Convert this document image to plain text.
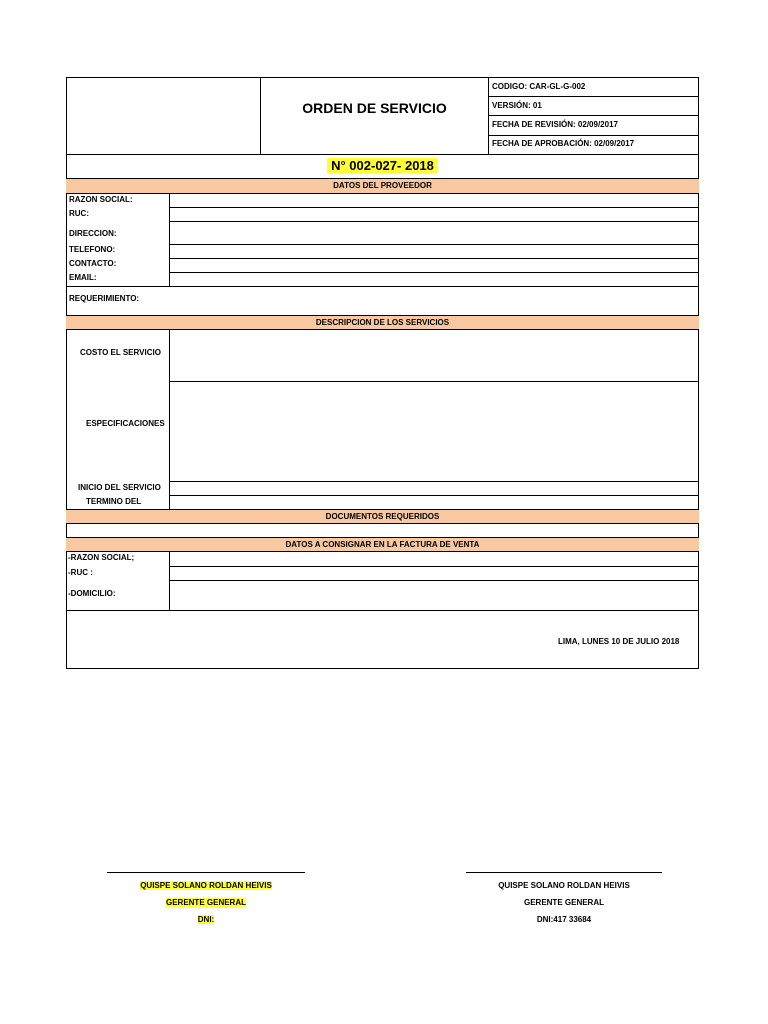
ORDEN DE SERVICIO
CODIGO: CAR-GL-G-002
VERSIÓN: 01
FECHA DE REVISIÓN: 02/09/2017
FECHA DE APROBACIÓN: 02/09/2017
N° 002-027- 2018
DATOS DEL PROVEEDOR
RAZON SOCIAL:
RUC:
DIRECCION:
TELEFONO:
CONTACTO:
EMAIL:
REQUERIMIENTO:
DESCRIPCION DE LOS SERVICIOS
COSTO EL SERVICIO
ESPECIFICACIONES
INICIO DEL SERVICIO
TERMINO DEL
DOCUMENTOS REQUERIDOS
DATOS A CONSIGNAR EN LA FACTURA DE VENTA
-RAZON SOCIAL;
-RUC :
-DOMICILIO:
LIMA, LUNES 10 DE JULIO 2018
QUISPE SOLANO ROLDAN HEIVIS
GERENTE GENERAL
DNI:
QUISPE SOLANO ROLDAN HEIVIS
GERENTE GENERAL
DNI:417 33684
